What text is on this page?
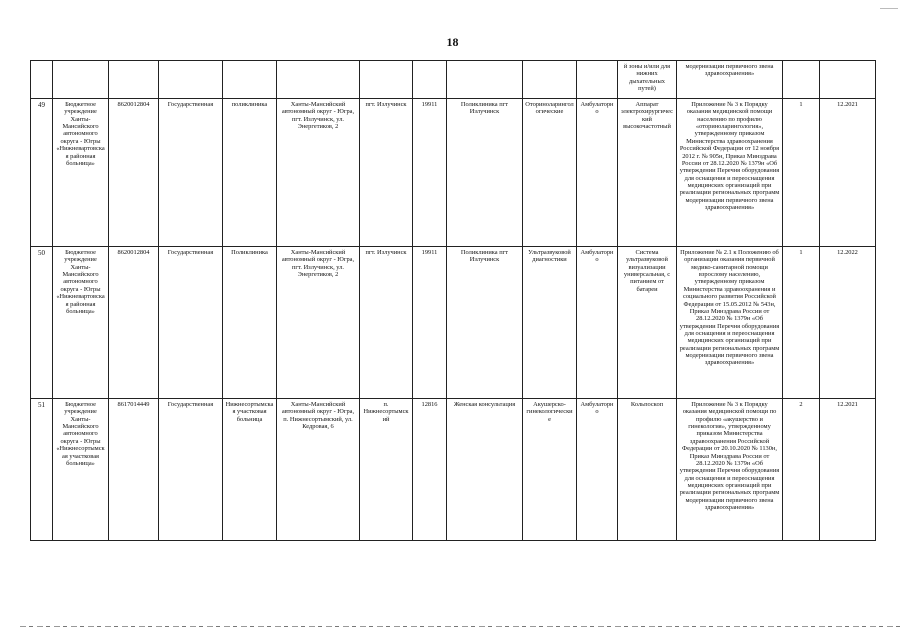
18
											й зоны и/или для нижних дыхательных путей)	модернизации первичного звена здравоохранения»		
49	Бюджетное учреждение Ханты-Мансийского автономного округа - Югры «Нижневартовская районная больница»	8620012804	Государственная	поликлиника	Ханты-Мансийский автономный округ - Югра, пгт. Излучинск, ул. Энергетиков, 2	пгт. Излучинск	19911	Поликлиника пгт Излучинск	Оториноларингологические	Амбулаторно	Аппарат электрохирургический высокочастотный	Приложение № 3 к Порядку оказания медицинской помощи населению по профилю «оториноларингология», утвержденному приказом Министерства здравоохранения Российской Федерации от 12 ноября 2012 г. № 905н, Приказ Минздрава России от 28.12.2020 № 1379н «Об утверждении Перечня оборудования для оснащения и переоснащения медицинских организаций при реализации региональных программ модернизации первичного звена здравоохранения»	1	12.2021
50	Бюджетное учреждение Ханты-Мансийского автономного округа - Югры «Нижневартовская районная больница»	8620012804	Государственная	Поликлиника	Ханты-Мансийский автономный округ - Югра, пгт. Излучинск, ул. Энергетиков, 2	пгт. Излучинск	19911	Поликлиника пгт Излучинск	Ультразвуковой диагностики	Амбулаторно	Система ультразвуковой визуализации универсальная, с питанием от батареи	Приложение № 2.1 к Положению об организации оказания первичной медико-санитарной помощи взрослому населению, утвержденному приказом Министерства здравоохранения и социального развития Российской Федерации от 15.05.2012 № 543н, Приказ Минздрава России от 28.12.2020 № 1379н «Об утверждении Перечня оборудования для оснащения и переоснащения медицинских организаций при реализации региональных программ модернизации первичного звена здравоохранения»	1	12.2022
51	Бюджетное учреждение Ханты-Мансийского автономного округа - Югры «Нижнесортымская участковая больница»	8617014449	Государственная	Нижнесортымская участковая больница	Ханты-Мансийский автономный округ - Югра, п. Нижнесортымский, ул. Кедровая, 6	п. Нижнесортымский	12816	Женская консультация	Акушерско-гинекологические	Амбулаторно	Кольпоскоп	Приложение № 3 к Порядку оказания медицинской помощи по профилю «акушерство и гинекология», утвержденному приказом Министерства здравоохранения Российской Федерации от 20.10.2020 № 1130н, Приказ Минздрава России от 28.12.2020 № 1379н «Об утверждении Перечня оборудования для оснащения и переоснащения медицинских организаций при реализации региональных программ модернизации первичного звена здравоохранения»	2	12.2021
